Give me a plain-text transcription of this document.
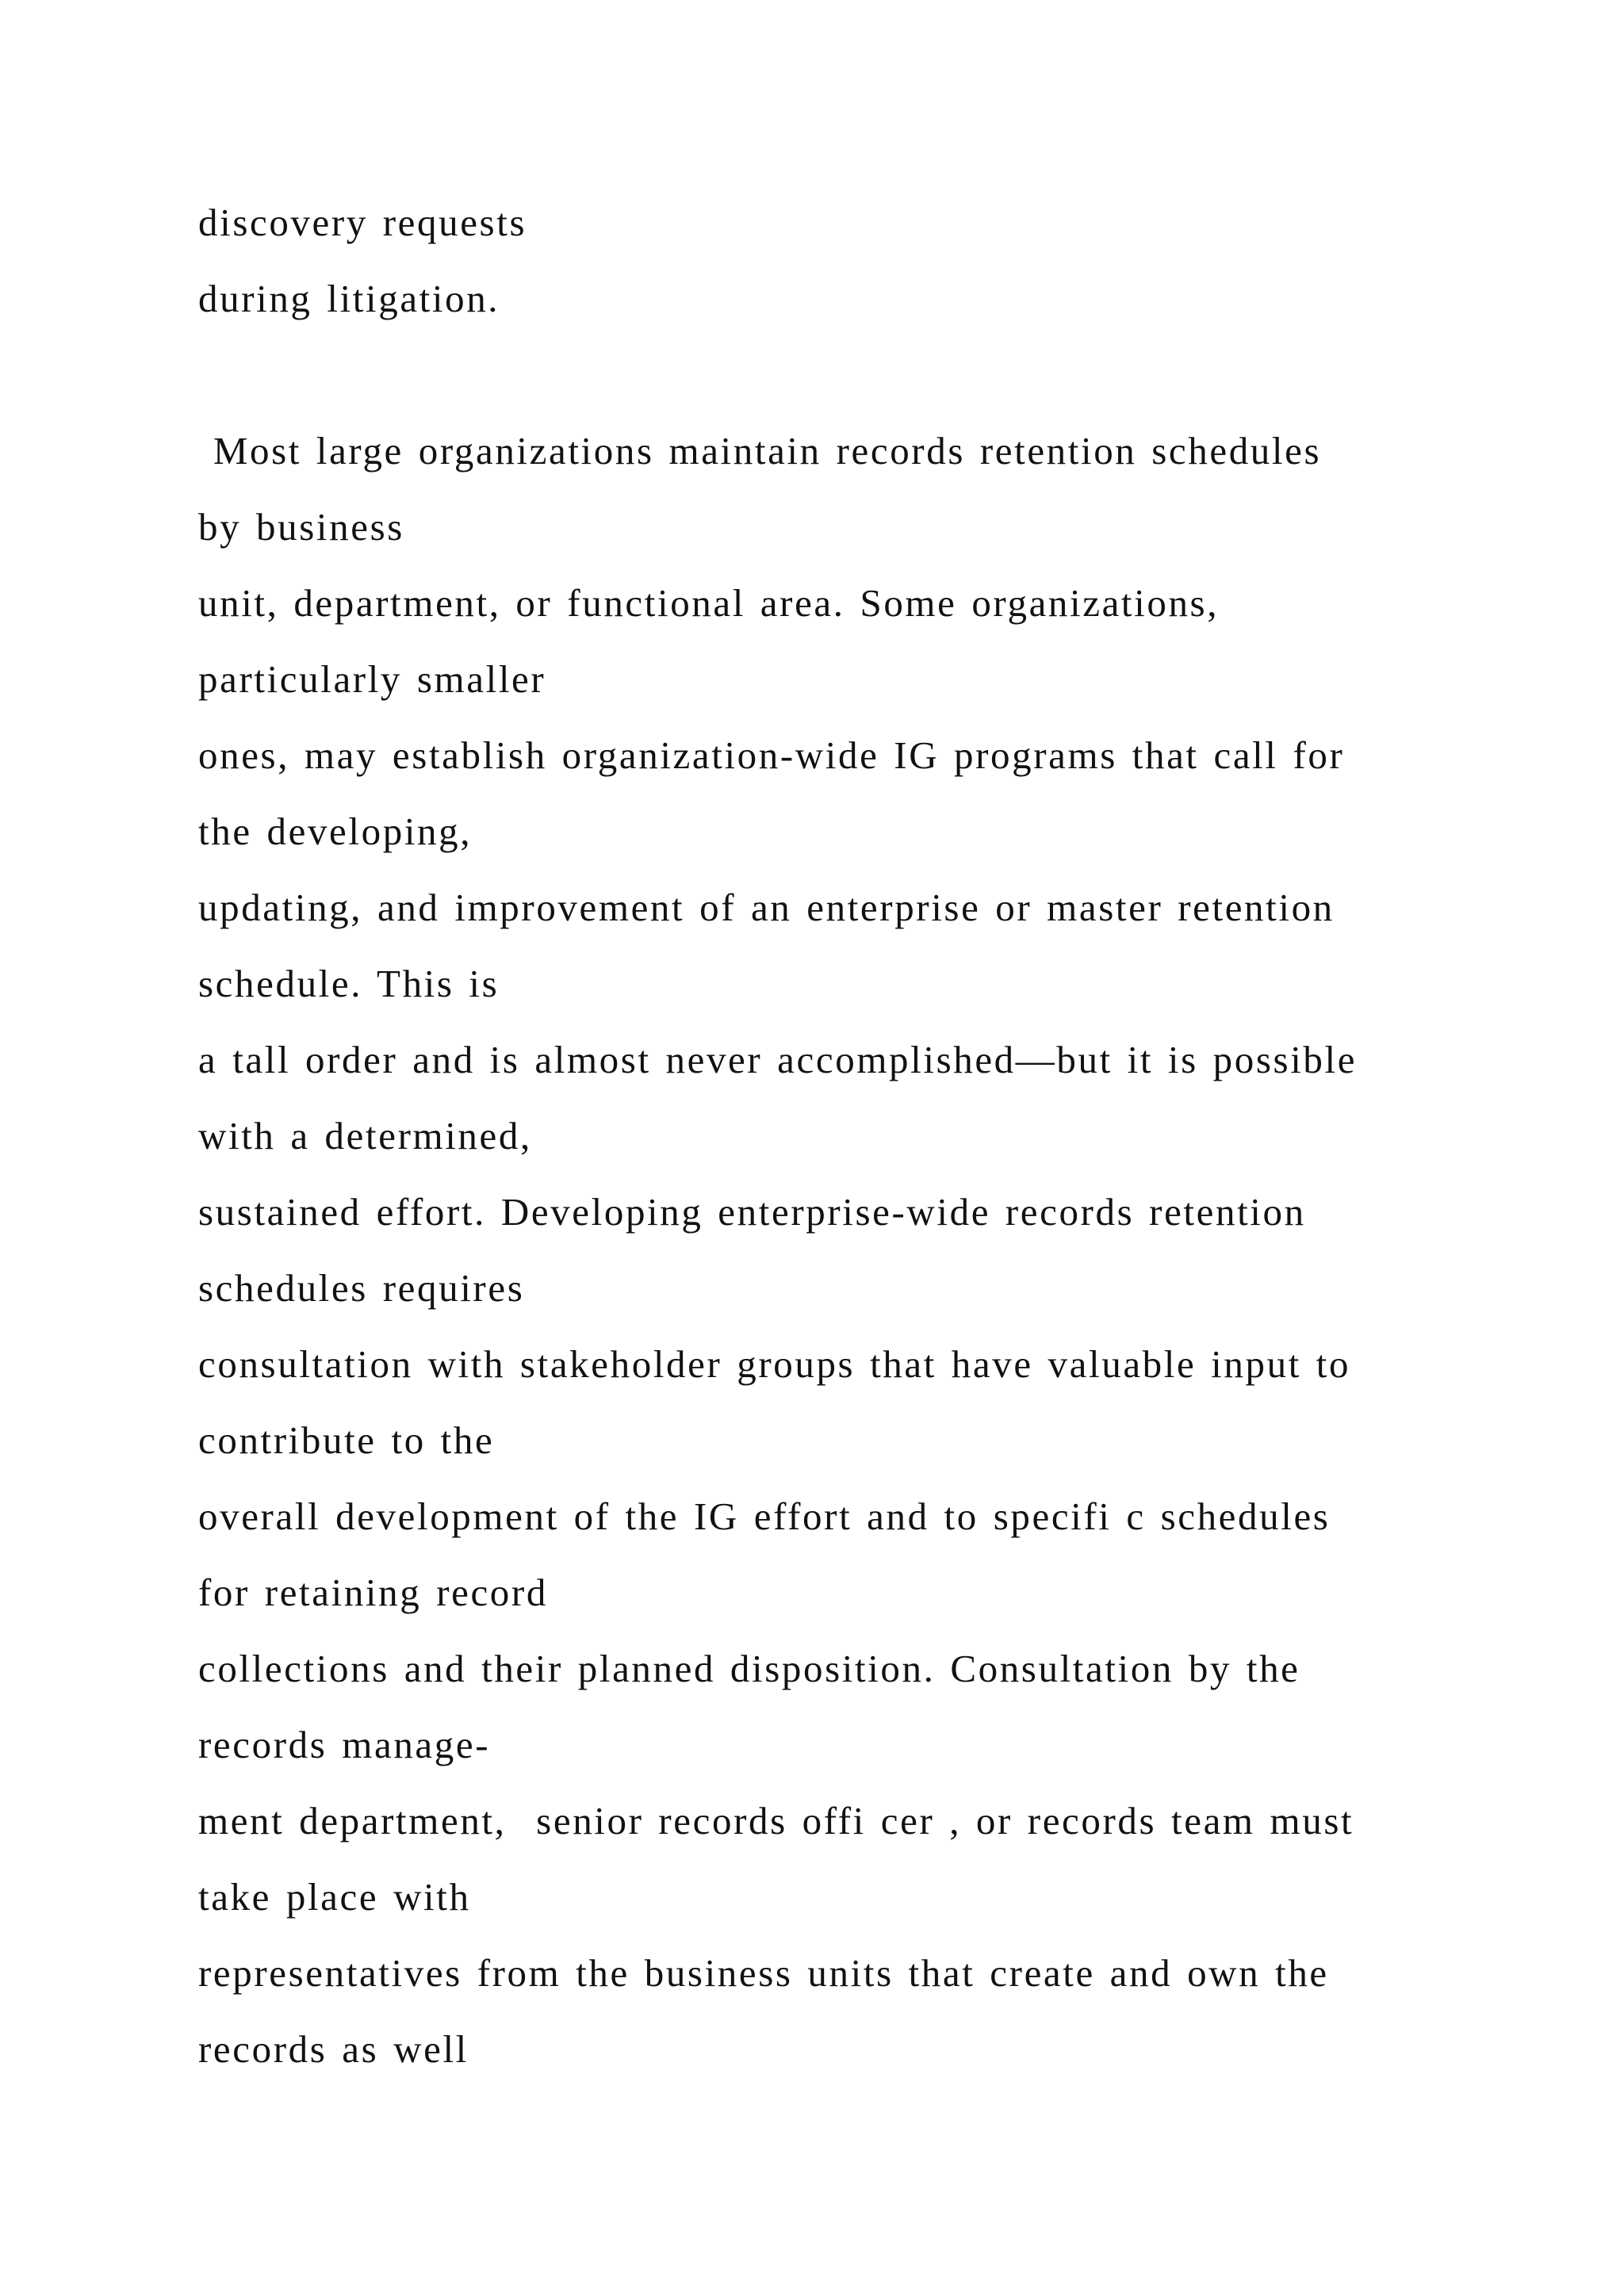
discovery requests
during litigation.
Most large organizations maintain records retention schedules
by business
unit, department, or functional area. Some organizations,
particularly smaller
ones, may establish organization-wide IG programs that call for
the developing,
updating, and improvement of an enterprise or master retention
schedule. This is
a tall order and is almost never accomplished—but it is possible
with a determined,
sustained effort. Developing enterprise-wide records retention
schedules requires
consultation with stakeholder groups that have valuable input to
contribute to the
overall development of the IG effort and to specifi c schedules
for retaining record
collections and their planned disposition. Consultation by the
records manage-
ment department,  senior records offi cer , or records team must
take place with
representatives from the business units that create and own the
records as well
